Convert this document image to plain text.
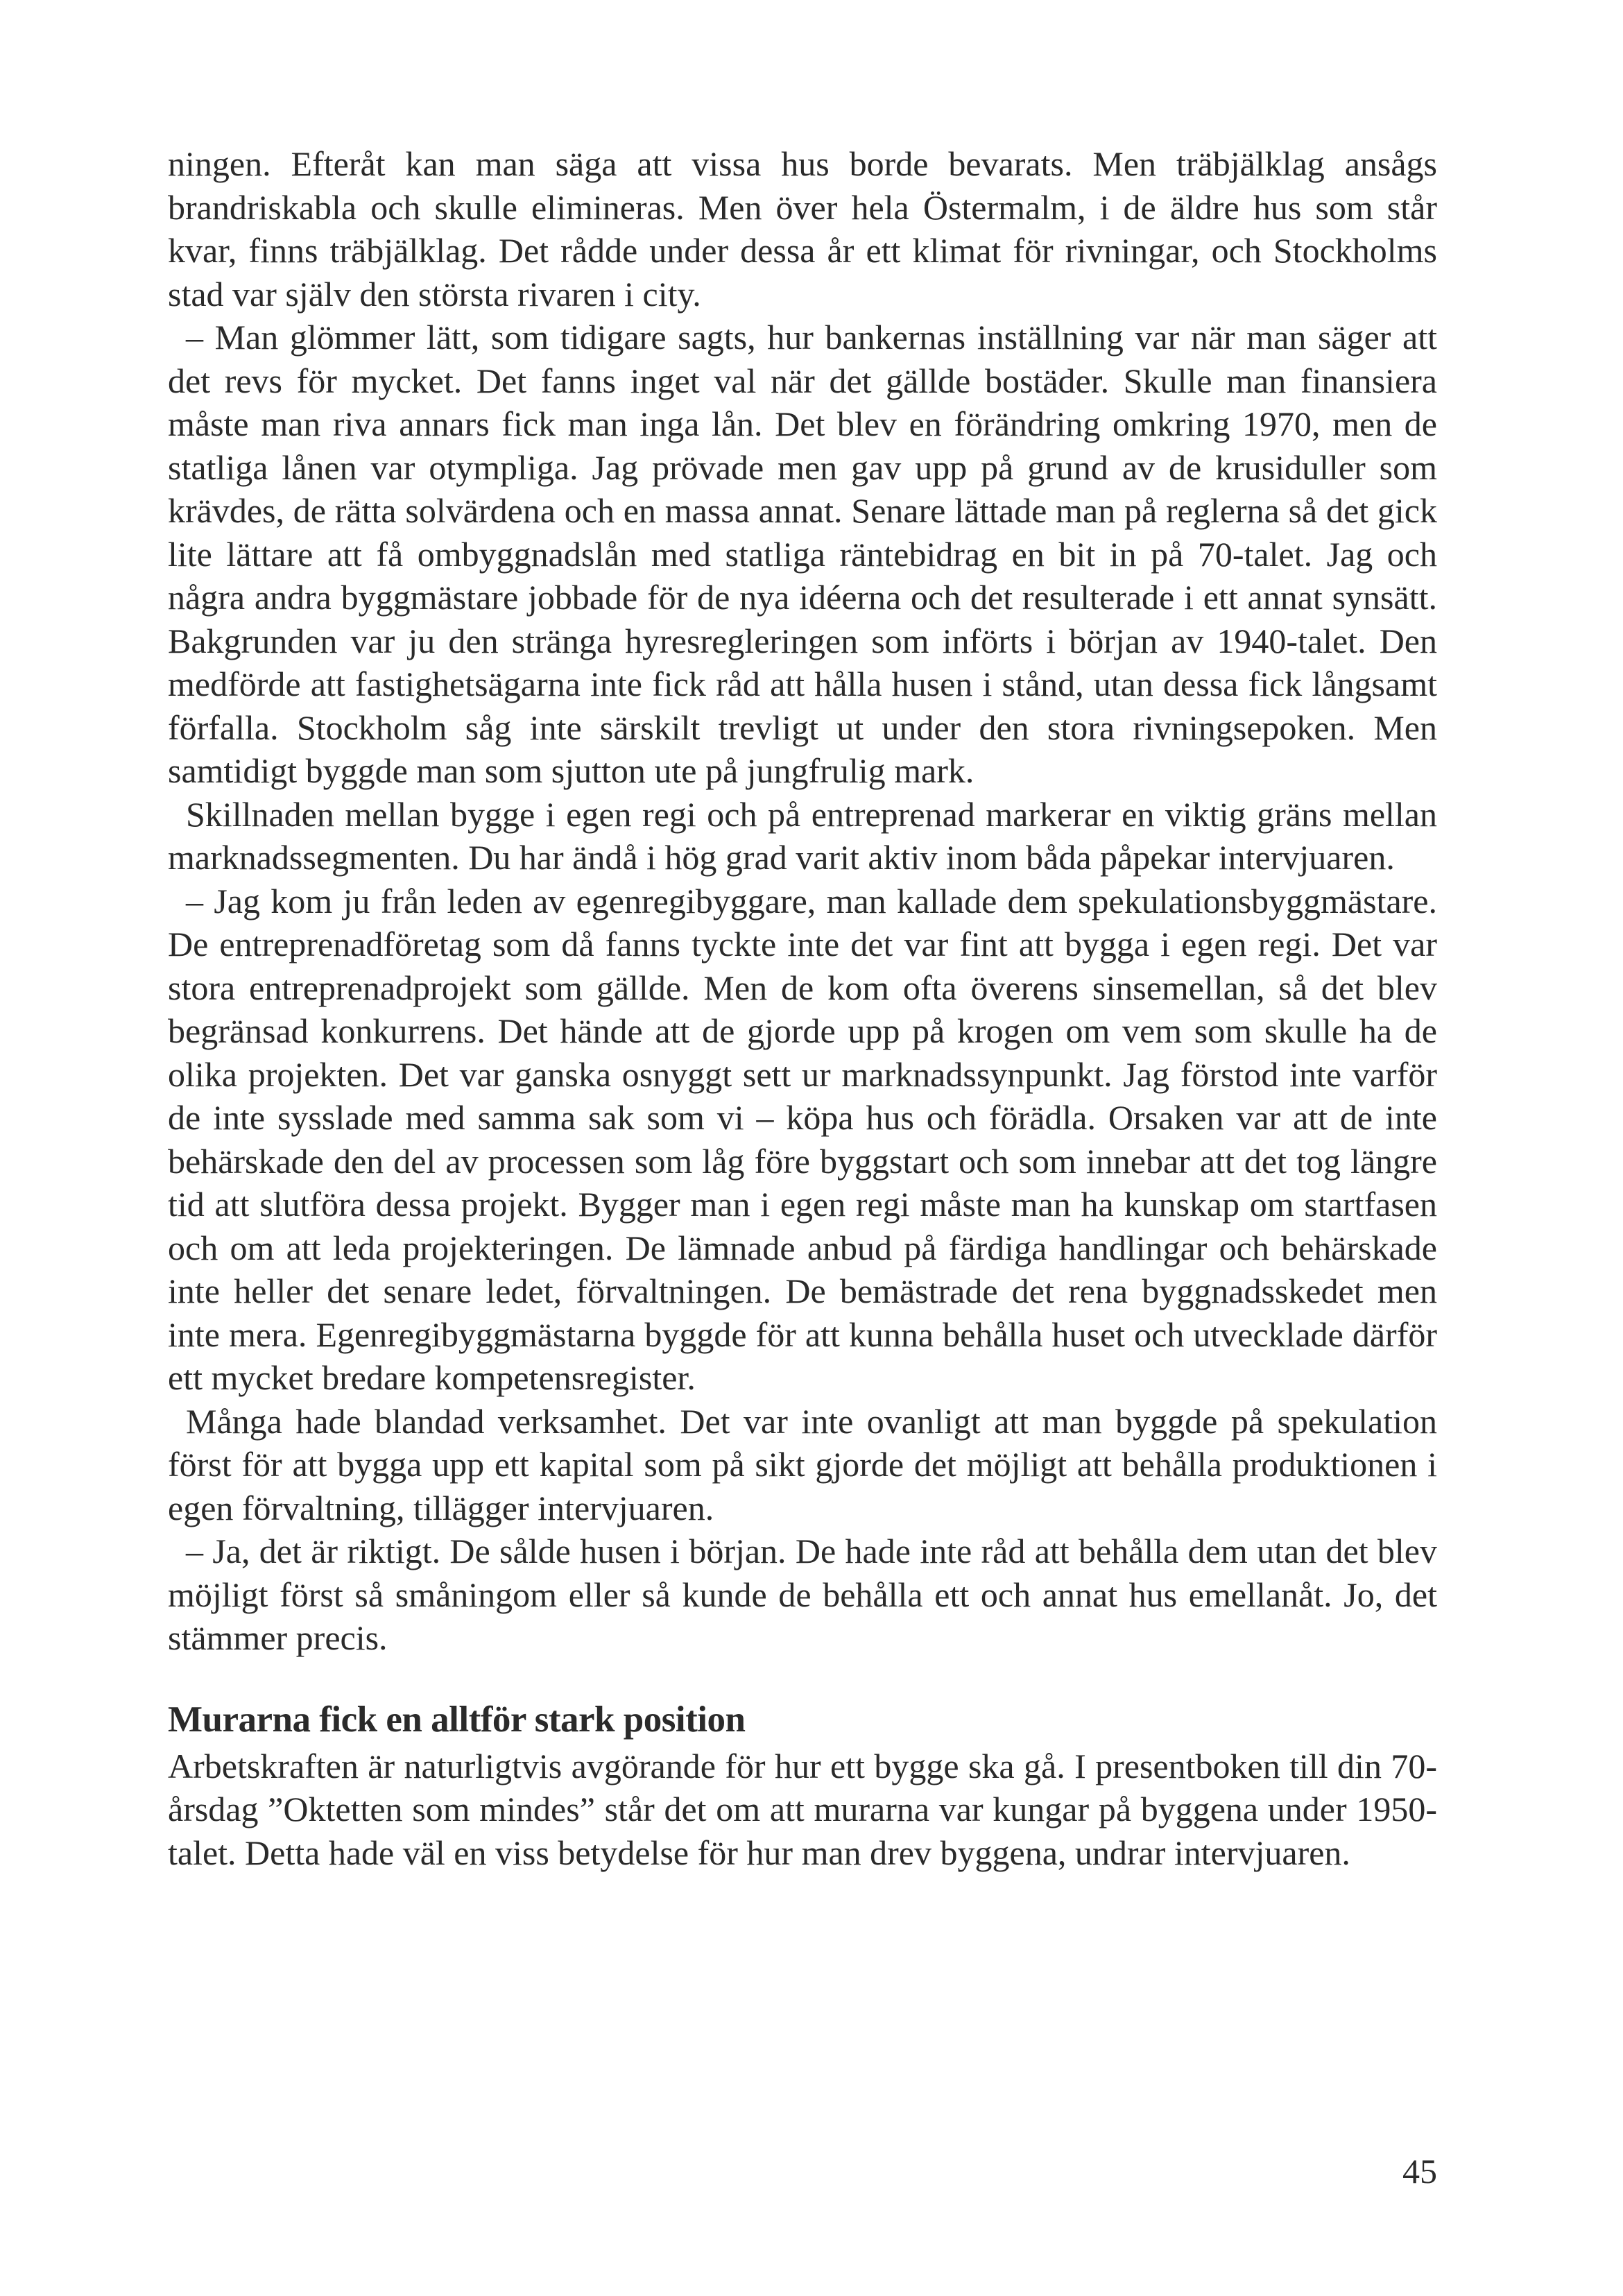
ningen. Efteråt kan man säga att vissa hus borde bevarats. Men träbjälklag ansågs brandriskabla och skulle elimineras. Men över hela Östermalm, i de äldre hus som står kvar, finns träbjälklag. Det rådde under dessa år ett klimat för rivningar, och Stockholms stad var själv den största rivaren i city.

– Man glömmer lätt, som tidigare sagts, hur bankernas inställning var när man säger att det revs för mycket. Det fanns inget val när det gällde bostäder. Skulle man finansiera måste man riva annars fick man inga lån. Det blev en förändring omkring 1970, men de statliga lånen var otympliga. Jag prövade men gav upp på grund av de krusiduller som krävdes, de rätta solvärdena och en massa annat. Senare lättade man på reglerna så det gick lite lättare att få ombyggnadslån med statliga räntebidrag en bit in på 70-talet. Jag och några andra byggmästare jobbade för de nya idéerna och det resulterade i ett annat synsätt. Bakgrunden var ju den stränga hyresregleringen som införts i början av 1940-talet. Den medförde att fastighetsägarna inte fick råd att hålla husen i stånd, utan dessa fick långsamt förfalla. Stockholm såg inte särskilt trevligt ut under den stora rivningsepoken. Men samtidigt byggde man som sjutton ute på jungfrulig mark.

Skillnaden mellan bygge i egen regi och på entreprenad markerar en viktig gräns mellan marknadssegmenten. Du har ändå i hög grad varit aktiv inom båda påpekar intervjuaren.

– Jag kom ju från leden av egenregibyggare, man kallade dem spekulationsbyggmästare. De entreprenadföretag som då fanns tyckte inte det var fint att bygga i egen regi. Det var stora entreprenadprojekt som gällde. Men de kom ofta överens sinsemellan, så det blev begränsad konkurrens. Det hände att de gjorde upp på krogen om vem som skulle ha de olika projekten. Det var ganska osnyggt sett ur marknadssynpunkt. Jag förstod inte varför de inte sysslade med samma sak som vi – köpa hus och förädla. Orsaken var att de inte behärskade den del av processen som låg före byggstart och som innebar att det tog längre tid att slutföra dessa projekt. Bygger man i egen regi måste man ha kunskap om startfasen och om att leda projekteringen. De lämnade anbud på färdiga handlingar och behärskade inte heller det senare ledet, förvaltningen. De bemästrade det rena byggnadsskedet men inte mera. Egenregibyggmästarna byggde för att kunna behålla huset och utvecklade därför ett mycket bredare kompetensregister.

Många hade blandad verksamhet. Det var inte ovanligt att man byggde på spekulation först för att bygga upp ett kapital som på sikt gjorde det möjligt att behålla produktionen i egen förvaltning, tillägger intervjuaren.

– Ja, det är riktigt. De sålde husen i början. De hade inte råd att behålla dem utan det blev möjligt först så småningom eller så kunde de behålla ett och annat hus emellanåt. Jo, det stämmer precis.

Murarna fick en alltför stark position

Arbetskraften är naturligtvis avgörande för hur ett bygge ska gå. I presentboken till din 70-årsdag ”Oktetten som mindes” står det om att murarna var kungar på byggena under 1950-talet. Detta hade väl en viss betydelse för hur man drev byggena, undrar intervjuaren.

45
